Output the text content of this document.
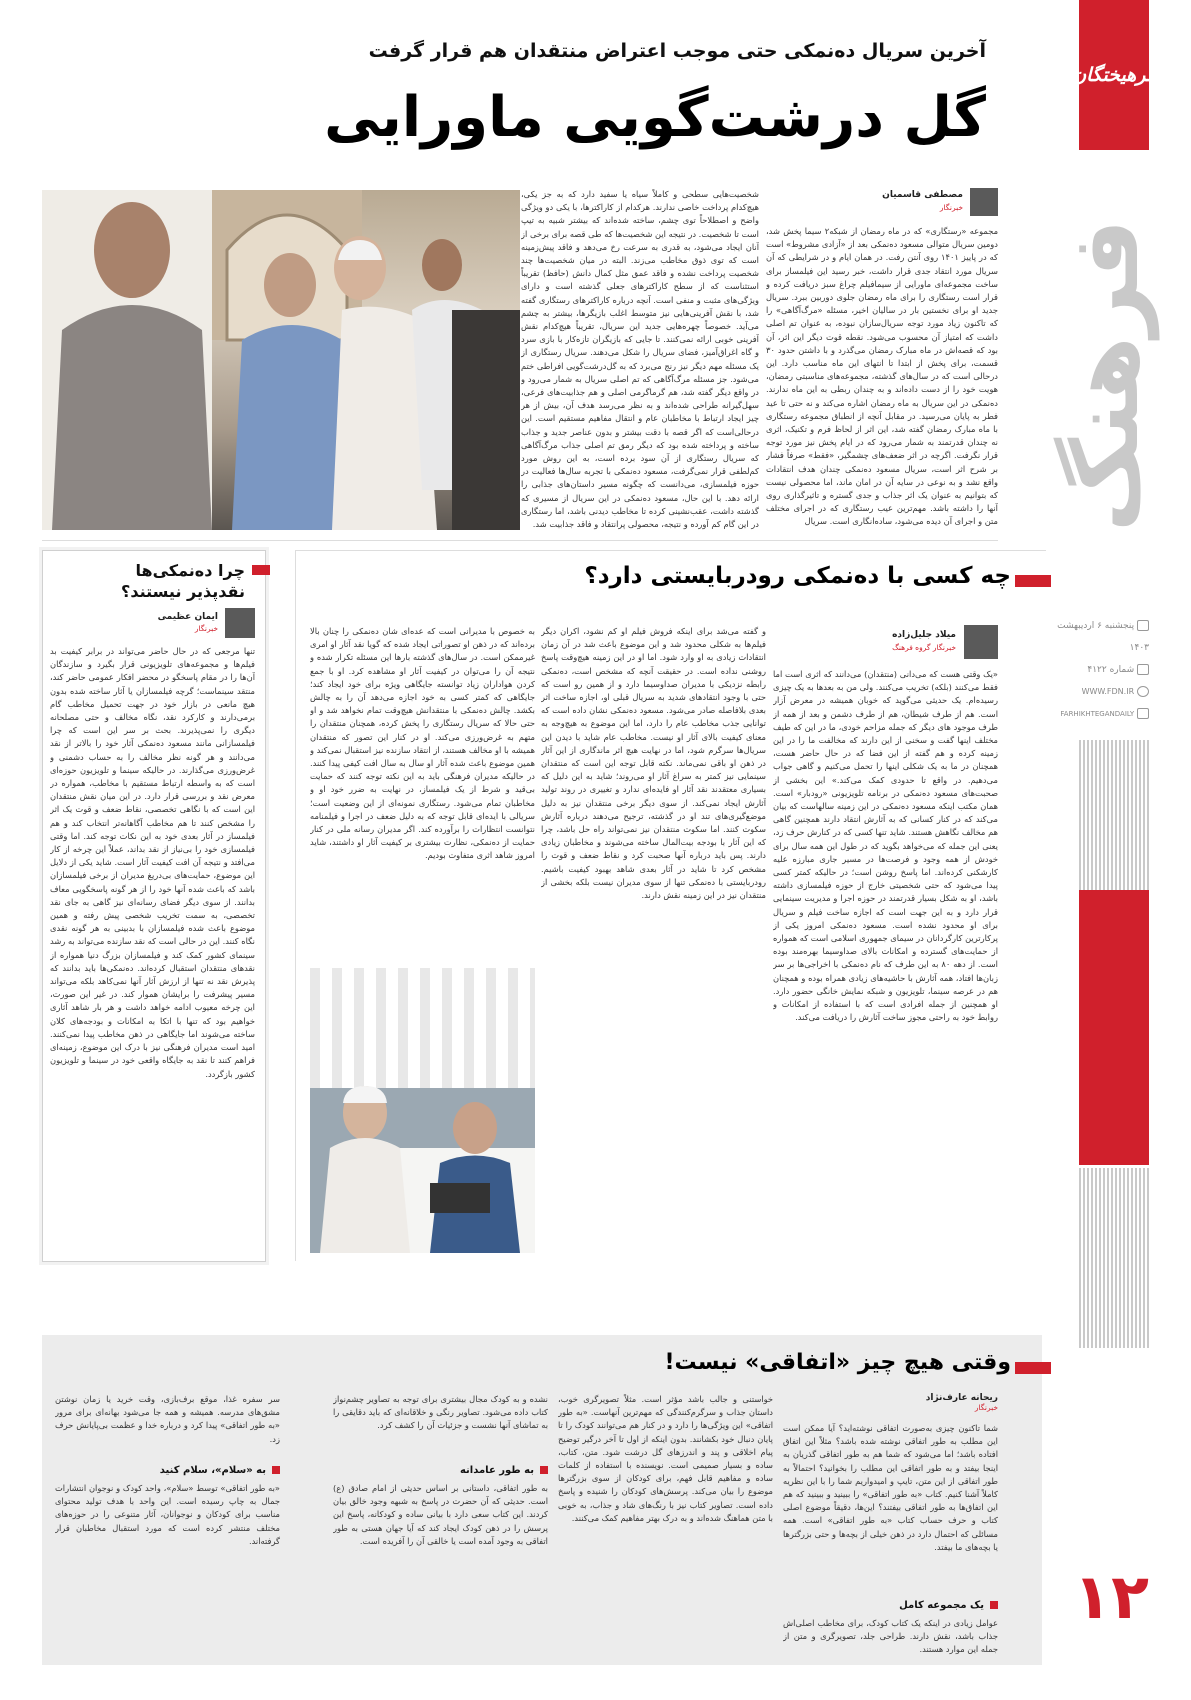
فرهیختگان
فرهنگ
پنجشنبه ۶ اردیبهشت ۱۴۰۳
شماره ۴۱۲۲
WWW.FDN.IR
FARHIKHTEGANDAILY
۱۲
آخرین سریال ده‌نمکی حتی موجب اعتراض منتقدان هم قرار گرفت
گل درشت‌گویی ماورایی
مصطفی قاسمیان
خبرنگار
مجموعه «رستگاری» که در ماه رمضان از شبکه۲ سیما پخش شد، دومین سریال متوالی مسعود ده‌نمکی بعد از «آزادی مشروط» است که در پاییز ۱۴۰۱ روی آنتن رفت. در همان ایام و در شرایطی که آن سریال مورد انتقاد جدی قرار داشت، خبر رسید این فیلمساز برای ساخت مجموعه‌ای ماورایی از سیمافیلم چراغ سبز دریافت کرده و قرار است رستگاری را برای ماه رمضان جلوی دوربین ببرد. سریال جدید او برای نخستین بار در سالیان اخیر، مسئله «مرگ‌آگاهی» را که تاکنون زیاد مورد توجه سریال‌سازان نبوده، به عنوان تم اصلی داشت که امتیاز آن محسوب می‌شود. نقطه قوت دیگر این اثر، آن بود که قصه‌اش در ماه مبارک رمضان می‌گذرد و با داشتن حدود ۳۰ قسمت، برای پخش از ابتدا تا انتهای این ماه مناسب دارد. این درحالی است که در سال‌های گذشته، مجموعه‌های مناسبتی رمضان، هویت خود را از دست داده‌اند و به چندان ربطی به این ماه ندارند. ده‌نمکی در این سریال به ماه رمضان اشاره می‌کند و نه حتی تا عید فطر به پایان می‌رسید. در مقابل آنچه از انطباق مجموعه رستگاری با ماه مبارک رمضان گفته شد، این اثر از لحاظ فرم و تکنیک، اثری نه چندان قدرتمند به شمار می‌رود که در ایام پخش نیز مورد توجه قرار نگرفت. اگرچه در اثر ضعف‌های چشمگیر، «فقط» صرفاً فشار بر شرح اثر است، سریال مسعود ده‌نمکی چندان هدف انتقادات واقع نشد و به نوعی در سایه آن در امان ماند، اما محصولی نیست که بتوانیم به عنوان یک اثر جذاب و جدی گستره و تاثیرگذاری روی آنها را داشته باشد. مهم‌ترین عیب رستگاری که در اجرای مختلف متن و اجرای آن دیده می‌شود، ساده‌انگاری است. سریال
شخصیت‌هایی سطحی و کاملاً سیاه یا سفید دارد که به جز یکی، هیچ‌کدام پرداخت خاصی ندارند. هرکدام از کاراکترها، با یکی دو ویژگی واضح و اصطلاحاً توی چشم، ساخته شده‌اند که بیشتر شبیه به تیپ است تا شخصیت. در نتیجه این شخصیت‌ها که طی قصه برای برخی از آنان ایجاد می‌شود، به قدری به سرعت رخ می‌دهد و فاقد پیش‌زمینه است که توی ذوق مخاطب می‌زند. البته در میان شخصیت‌ها چند شخصیت پرداخت نشده و فاقد عمق مثل کمال دانش (حافظ) تقریباً استثناست که از سطح کاراکترهای جعلی گذشته است و دارای ویژگی‌های مثبت و منفی است. آنچه درباره کاراکترهای رستگاری گفته شد، با نقش آفرینی‌هایی نیز متوسط اغلب بازیگرها، بیشتر به چشم می‌آید. خصوصاً چهره‌هایی جدید این سریال، تقریباً هیچ‌کدام نقش آفرینی خوبی ارائه نمی‌کنند. تا جایی که بازیگران تازه‌کار با بازی سرد و گاه اغراق‌آمیز، فضای سریال را شکل می‌دهند. سریال رستگاری از یک مسئله مهم دیگر نیز رنج می‌برد که به گل‌درشت‌گویی افراطی ختم می‌شود. جز مسئله مرگ‌آگاهی که تم اصلی سریال به شمار می‌رود و در واقع دیگر گفته شد، هم گرماگرمی اصلی و هم جذابیت‌های فرعی، سهل‌گیرانه طراحی شده‌اند و به نظر می‌رسد هدف آن، بیش از هر چیز ایجاد ارتباط با مخاطبان عام و انتقال مفاهیم مستقیم است. این درحالی‌است که اگر قصه با دقت بیشتر و بدون عناصر جدید و جذاب ساخته و پرداخته شده بود که دیگر رمق تم اصلی جذاب مرگ‌آگاهی که سریال رستگاری از آن سود برده است، به این روش مورد کم‌لطفی قرار نمی‌گرفت، مسعود ده‌نمکی با تجربه سال‌ها فعالیت در حوزه فیلمسازی، می‌دانست که چگونه مسیر داستان‌های جذابی را ارائه دهد. با این حال، مسعود ده‌نمکی در این سریال از مسیری که گذشته داشت، عقب‌نشینی کرده تا مخاطب دیدنی باشد، اما رستگاری در این گام کم آورده و نتیجه، محصولی پرانتقاد و فاقد جذابیت شد.
چرا ده‌نمکی‌ها
نقدپذیر نیستند؟
ایمان عظیمی
خبرنگار
تنها مرجعی که در حال حاضر می‌تواند در برابر کیفیت بد فیلم‌ها و مجموعه‌های تلویزیونی قرار بگیرد و سازندگان آن‌ها را در مقام پاسخگو در محضر افکار عمومی حاضر کند، منتقد سینماست؛ گرچه فیلمسازان یا آثار ساخته شده بدون هیچ مانعی در بازار خود در جهت تحمیل مخاطب گام برمی‌دارند و کارکرد نقد، نگاه مخالف و حتی مصلحانه دیگری را نمی‌پذیرند. بحث بر سر این است که چرا فیلمسازانی مانند مسعود ده‌نمکی آثار خود را بالاتر از نقد می‌دانند و هر گونه نظر مخالف را به حساب دشمنی و غرض‌ورزی می‌گذارند. در حالیکه سینما و تلویزیون حوزه‌ای است که به واسطه ارتباط مستقیم با مخاطب، همواره در معرض نقد و بررسی قرار دارد. در این میان نقش منتقدان این است که با نگاهی تخصصی، نقاط ضعف و قوت یک اثر را مشخص کنند تا هم مخاطب آگاهانه‌تر انتخاب کند و هم فیلمساز در آثار بعدی خود به این نکات توجه کند. اما وقتی فیلمسازی خود را بی‌نیاز از نقد بداند، عملاً این چرخه از کار می‌افتد و نتیجه آن افت کیفیت آثار است. شاید یکی از دلایل این موضوع، حمایت‌های بی‌دریغ مدیران از برخی فیلمسازان باشد که باعث شده آنها خود را از هر گونه پاسخگویی معاف بدانند. از سوی دیگر فضای رسانه‌ای نیز گاهی به جای نقد تخصصی، به سمت تخریب شخصی پیش رفته و همین موضوع باعث شده فیلمسازان با بدبینی به هر گونه نقدی نگاه کنند. این در حالی است که نقد سازنده می‌تواند به رشد سینمای کشور کمک کند و فیلمسازان بزرگ دنیا همواره از نقدهای منتقدان استقبال کرده‌اند. ده‌نمکی‌ها باید بدانند که پذیرش نقد نه تنها از ارزش آثار آنها نمی‌کاهد بلکه می‌تواند مسیر پیشرفت را برایشان هموار کند. در غیر این صورت، این چرخه معیوب ادامه خواهد داشت و هر بار شاهد آثاری خواهیم بود که تنها با اتکا به امکانات و بودجه‌های کلان ساخته می‌شوند اما جایگاهی در ذهن مخاطب پیدا نمی‌کنند. امید است مدیران فرهنگی نیز با درک این موضوع، زمینه‌ای فراهم کنند تا نقد به جایگاه واقعی خود در سینما و تلویزیون کشور بازگردد.
چه کسی با ده‌نمکی رودربایستی دارد؟
میلاد جلیل‌زاده
خبرنگار گروه فرهنگ
«یک وقتی هست که می‌دانی (منتقدان) می‌دانند که اثری است اما فقط می‌کنند (بلکه) تخریب می‌کنند. ولی من به بعدها به یک چیزی رسیده‌ام. یک حدیثی می‌گوید که خوبان همیشه در معرض آزار است. هم از طرف شیطان، هم از طرف دشمن و بعد از همه از طرف موجود های دیگر که جمله مزاحم خودی، ما در این که طیف مختلف اینها گفت و سخنی از این دارند که مخالفت ما را در این زمینه کرده و هم گفته از این فضا که در حال حاضر هست، همچنان در ما به یک شکلی اینها را تحمل می‌کنیم و گاهی جواب می‌دهیم. در واقع تا حدودی کمک می‌کند.» این بخشی از صحبت‌های مسعود ده‌نمکی در برنامه تلویزیونی «رودبار» است. همان مکتب اینکه مسعود ده‌نمکی در این زمینه سالهاست که بیان می‌کند که در کنار کسانی که به آثارش انتقاد دارند همچنین گاهی هم مخالف نگاهش هستند. شاید تنها کسی که در کنارش حرف زد، یعنی این جمله که می‌خواهد بگوید که در طول این همه سال برای خودش از همه وجود و فرصت‌ها در مسیر جاری مبارزه علیه کارشکنی کرده‌اند. اما پاسخ روشن است؛ در حالیکه کمتر کسی پیدا می‌شود که حتی شخصیتی خارج از حوزه فیلمسازی داشته باشد، او به شکل بسیار قدرتمند در حوزه اجرا و مدیریت سینمایی قرار دارد و به این جهت است که اجازه ساخت فیلم و سریال برای او محدود نشده است. مسعود ده‌نمکی امروز یکی از پرکارترین کارگردانان در سیمای جمهوری اسلامی است که همواره از حمایت‌های گسترده و امکانات بالای صداوسیما بهره‌مند بوده است. از دهه ۸۰ به این طرف که نام ده‌نمکی با اخراجی‌ها بر سر زبان‌ها افتاد، همه آثارش با حاشیه‌های زیادی همراه بوده و همچنان هم در عرصه سینما، تلویزیون و شبکه نمایش خانگی حضور دارد. او همچنین از جمله افرادی است که با استفاده از امکانات و روابط خود به راحتی مجوز ساخت آثارش را دریافت می‌کند.
و گفته می‌شد برای اینکه فروش فیلم او کم نشود، اکران دیگر فیلم‌ها به شکلی محدود شد و این موضوع باعث شد در آن زمان انتقادات زیادی به او وارد شود. اما او در این زمینه هیچ‌وقت پاسخ روشنی نداده است. در حقیقت آنچه که مشخص است، ده‌نمکی رابطه نزدیکی با مدیران صداوسیما دارد و از همین رو است که حتی با وجود انتقادهای شدید به سریال قبلی او، اجازه ساخت اثر بعدی بلافاصله صادر می‌شود. مسعود ده‌نمکی نشان داده است که توانایی جذب مخاطب عام را دارد، اما این موضوع به هیچ‌وجه به معنای کیفیت بالای آثار او نیست. مخاطب عام شاید با دیدن این سریال‌ها سرگرم شود، اما در نهایت هیچ اثر ماندگاری از این آثار در ذهن او باقی نمی‌ماند. نکته قابل توجه این است که منتقدان سینمایی نیز کمتر به سراغ آثار او می‌روند؛ شاید به این دلیل که بسیاری معتقدند نقد آثار او فایده‌ای ندارد و تغییری در روند تولید آثارش ایجاد نمی‌کند. از سوی دیگر برخی منتقدان نیز به دلیل موضع‌گیری‌های تند او در گذشته، ترجیح می‌دهند درباره آثارش سکوت کنند. اما سکوت منتقدان نیز نمی‌تواند راه حل باشد، چرا که این آثار با بودجه بیت‌المال ساخته می‌شوند و مخاطبان زیادی دارند. پس باید درباره آنها صحبت کرد و نقاط ضعف و قوت را مشخص کرد تا شاید در آثار بعدی شاهد بهبود کیفیت باشیم. رودربایستی با ده‌نمکی تنها از سوی مدیران نیست بلکه بخشی از منتقدان نیز در این زمینه نقش دارند.
به خصوص با مدیرانی است که عده‌ای شان ده‌نمکی را چنان بالا برده‌اند که در ذهن او تصوراتی ایجاد شده که گویا نقد آثار او امری غیرممکن است. در سال‌های گذشته بارها این مسئله تکرار شده و نتیجه آن را می‌توان در کیفیت آثار او مشاهده کرد. او با جمع کردن هواداران زیاد توانسته جایگاهی ویژه برای خود ایجاد کند؛ جایگاهی که کمتر کسی به خود اجازه می‌دهد آن را به چالش بکشد. چالش ده‌نمکی با منتقدانش هیچ‌وقت تمام نخواهد شد و او حتی حالا که سریال رستگاری را پخش کرده، همچنان منتقدان را متهم به غرض‌ورزی می‌کند. او در کنار این تصور که منتقدان همیشه با او مخالف هستند، از انتقاد سازنده نیز استقبال نمی‌کند و همین موضوع باعث شده آثار او سال به سال افت کیفی پیدا کنند. در حالیکه مدیران فرهنگی باید به این نکته توجه کنند که حمایت بی‌قید و شرط از یک فیلمساز، در نهایت به ضرر خود او و مخاطبان تمام می‌شود. رستگاری نمونه‌ای از این وضعیت است؛ سریالی با ایده‌ای قابل توجه که به دلیل ضعف در اجرا و فیلمنامه نتوانست انتظارات را برآورده کند. اگر مدیران رسانه ملی در کنار حمایت از ده‌نمکی، نظارت بیشتری بر کیفیت آثار او داشتند، شاید امروز شاهد اثری متفاوت بودیم.
وقتی هیچ چیز «اتفاقی» نیست!
ریحانه عارف‌نژاد
خبرنگار
شما تاکنون چیزی به‌صورت اتفاقی نوشته‌اید؟ آیا ممکن است این مطلب به طور اتفاقی نوشته شده باشد؟ مثلاً این اتفاق افتاده باشد؛ اما می‌شود که شما هم به طور اتفاقی گذریان به اینجا بیفتد و به طور اتفاقی این مطلب را بخوانید؟ احتمالاً به‌ طور اتفاقی از این متن، تایپ و امیدواریم شما را با این نظریه کاملاً آشنا کنیم. کتاب «به طور اتفاقی» را ببینید و ببینید که هم این اتفاق‌ها به طور اتفاقی بیفتند؟ این‌ها، دقیقاً موضوع اصلی کتاب و حرف حساب کتاب «به طور اتفاقی» است. همه مسائلی که احتمال دارد در ذهن خیلی از بچه‌ها و حتی بزرگترها یا بچه‌های ما بیفتد.
یک مجموعه کامل
عوامل زیادی در اینکه یک کتاب کودک، برای مخاطب اصلی‌اش جذاب باشد، نقش دارند. طراحی جلد، تصویرگری و متن از جمله این موارد هستند.
خواستنی و جالب باشد مؤثر است. مثلاً تصویرگری خوب، داستان جذاب و سرگرم‌کنندگی که مهم‌ترین آنهاست. «به طور اتفاقی» این ویژگی‌ها را دارد و در کنار هم می‌توانند کودک را تا پایان دنبال خود بکشانند. بدون اینکه از اول تا آخر درگیر توضیح پیام اخلاقی و پند و اندرزهای گل درشت شود. متن، کتاب، ساده و بسیار صمیمی است. نویسنده با استفاده از کلمات ساده و مفاهیم قابل فهم، برای کودکان از سوی بزرگترها موضوع را بیان می‌کند. پرسش‌های کودکان را شنیده و پاسخ داده است. تصاویر کتاب نیز با رنگ‌های شاد و جذاب، به خوبی با متن هماهنگ شده‌اند و به درک بهتر مفاهیم کمک می‌کنند.
نشده و به کودک مجال بیشتری برای توجه به تصاویر چشم‌نواز کتاب داده می‌شود. تصاویر رنگی و خلاقانه‌ای که باید دقایقی را به تماشای آنها نشست و جزئیات آن را کشف کرد.
به طور عامدانه
به طور اتفاقی، داستانی بر اساس حدیثی از امام صادق (ع) است. حدیثی که آن حضرت در پاسخ به شبهه وجود خالق بیان کردند. این کتاب سعی دارد با بیانی ساده و کودکانه، پاسخ این پرسش را در ذهن کودک ایجاد کند که آیا جهان هستی به طور اتفاقی به وجود آمده است یا خالقی آن را آفریده است.
سر سفره غذا، موقع برف‌بازی، وقت خرید یا زمان نوشتن مشق‌های مدرسه. همیشه و همه جا می‌شود بهانه‌ای برای مرور «به طور اتفاقی» پیدا کرد و درباره خدا و عظمت بی‌پایانش حرف زد.
به «سلام»، سلام کنید
«به طور اتفاقی» توسط «سلام»، واحد کودک و نوجوان انتشارات جمال به چاپ رسیده است. این واحد با هدف تولید محتوای مناسب برای کودکان و نوجوانان، آثار متنوعی را در حوزه‌های مختلف منتشر کرده است که مورد استقبال مخاطبان قرار گرفته‌اند.
